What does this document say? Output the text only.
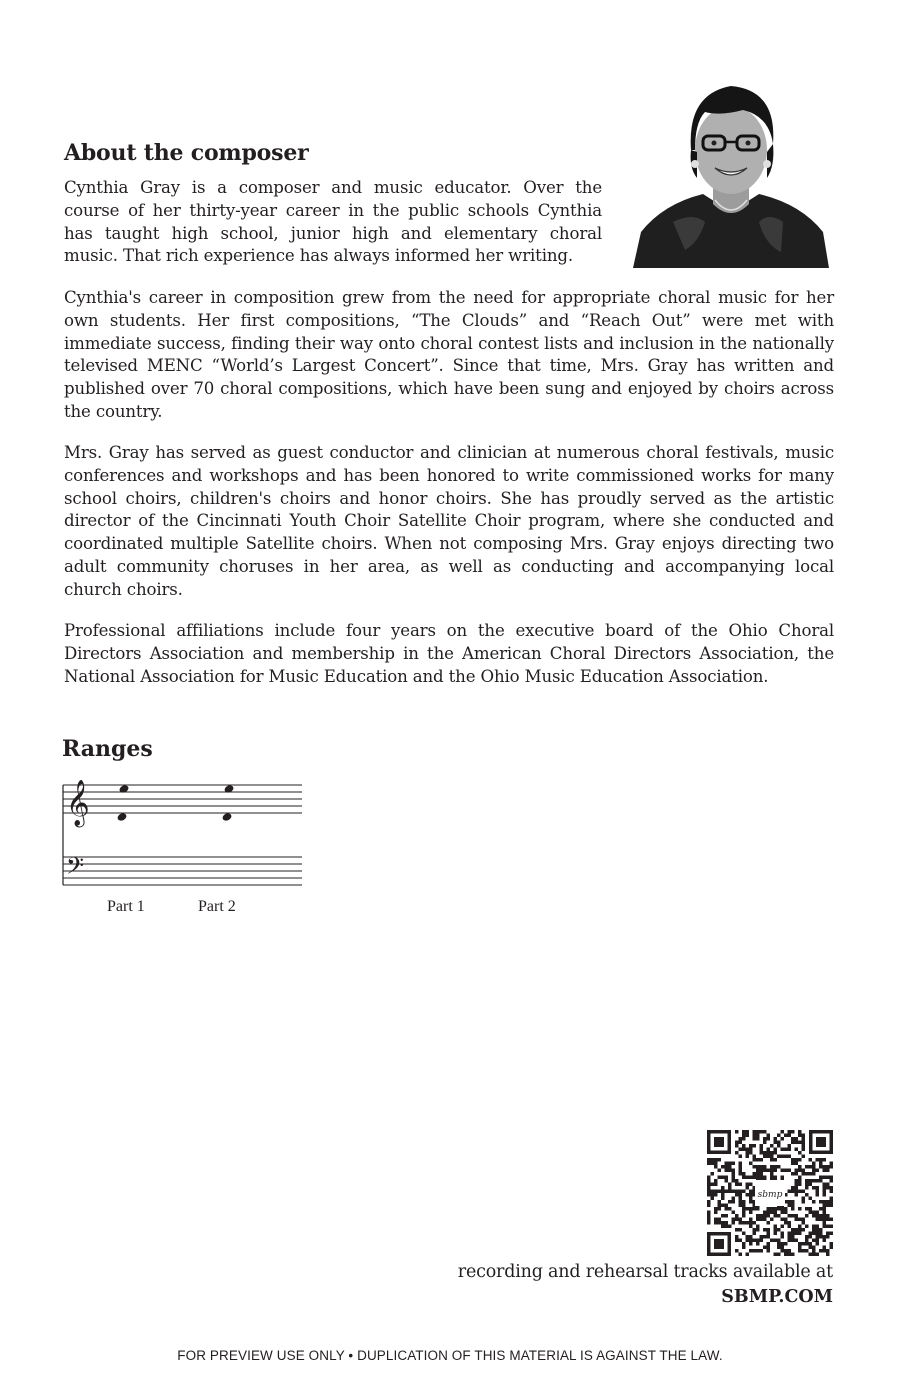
About the composer

Cynthia Gray is a composer and music educator. Over the course of her thirty-year career in the public schools Cynthia has taught high school, junior high and elementary choral music. That rich experience has always informed her writing.

Cynthia's career in composition grew from the need for appropriate choral music for her own students. Her first compositions, “The Clouds” and “Reach Out” were met with immediate success, finding their way onto choral contest lists and inclusion in the nationally televised MENC “World’s Largest Concert”. Since that time, Mrs. Gray has written and published over 70 choral compositions, which have been sung and enjoyed by choirs across the country.

Mrs. Gray has served as guest conductor and clinician at numerous choral festivals, music conferences and workshops and has been honored to write commissioned works for many school choirs, children's choirs and honor choirs. She has proudly served as the artistic director of the Cincinnati Youth Choir Satellite Choir program, where she conducted and coordinated multiple Satellite choirs. When not composing Mrs. Gray enjoys directing two adult community choruses in her area, as well as conducting and accompanying local church choirs.

Professional affiliations include four years on the executive board of the Ohio Choral Directors Association and membership in the American Choral Directors Association, the National Association for Music Education and the Ohio Music Education Association.

Ranges
𝄞
𝄢
Part 1	Part 2
sbmp
recording and rehearsal tracks available at
SBMP.COM
FOR PREVIEW USE ONLY • DUPLICATION OF THIS MATERIAL IS AGAINST THE LAW.
